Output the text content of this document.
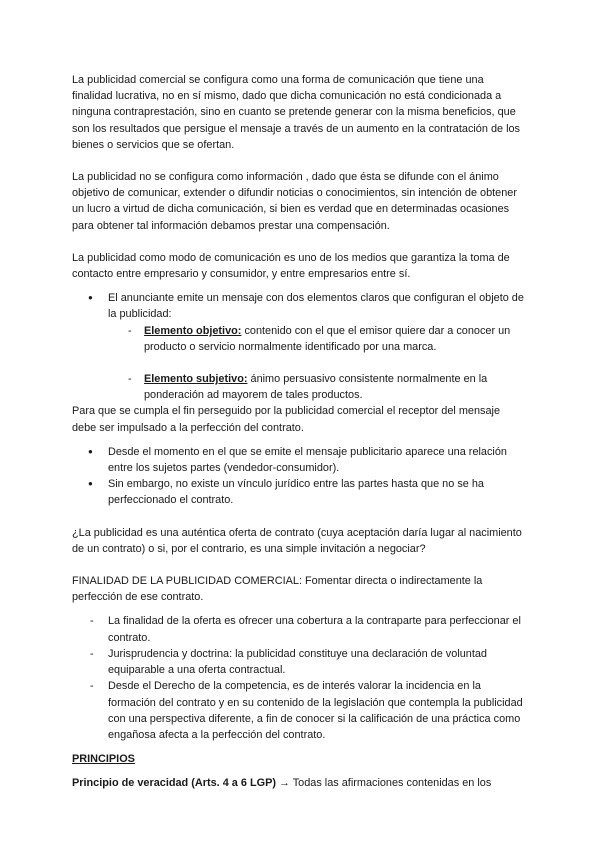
La publicidad comercial se configura como una forma de comunicación que tiene una finalidad lucrativa, no en sí mismo, dado que dicha comunicación no está condicionada a ninguna contraprestación, sino en cuanto se pretende generar con la misma beneficios, que son los resultados que persigue el mensaje a través de un aumento en la contratación de los bienes o servicios que se ofertan.

La publicidad no se configura como información , dado que ésta se difunde con el ánimo objetivo de comunicar, extender o difundir noticias o conocimientos, sin intención de obtener un lucro a virtud de dicha comunicación, si bien es verdad que en determinadas ocasiones para obtener tal información debamos prestar una compensación.

La publicidad como modo de comunicación es uno de los medios que garantiza la toma de contacto entre empresario y consumidor, y entre empresarios entre sí.

● El anunciante emite un mensaje con dos elementos claros que configuran el objeto de la publicidad:
- Elemento objetivo: contenido con el que el emisor quiere dar a conocer un producto o servicio normalmente identificado por una marca.
- Elemento subjetivo: ánimo persuasivo consistente normalmente en la ponderación ad mayorem de tales productos.

Para que se cumpla el fin perseguido por la publicidad comercial el receptor del mensaje debe ser impulsado a la perfección del contrato.

● Desde el momento en el que se emite el mensaje publicitario aparece una relación entre los sujetos partes (vendedor-consumidor).
● Sin embargo, no existe un vínculo jurídico entre las partes hasta que no se ha perfeccionado el contrato.

¿La publicidad es una auténtica oferta de contrato (cuya aceptación daría lugar al nacimiento de un contrato) o si, por el contrario, es una simple invitación a negociar?

FINALIDAD DE LA PUBLICIDAD COMERCIAL: Fomentar directa o indirectamente la perfección de ese contrato.

- La finalidad de la oferta es ofrecer una cobertura a la contraparte para perfeccionar el contrato.
- Jurisprudencia y doctrina: la publicidad constituye una declaración de voluntad equiparable a una oferta contractual.
- Desde el Derecho de la competencia, es de interés valorar la incidencia en la formación del contrato y en su contenido de la legislación que contempla la publicidad con una perspectiva diferente, a fin de conocer si la calificación de una práctica como engañosa afecta a la perfección del contrato.

PRINCIPIOS

Principio de veracidad (Arts. 4 a 6 LGP) → Todas las afirmaciones contenidas en los
